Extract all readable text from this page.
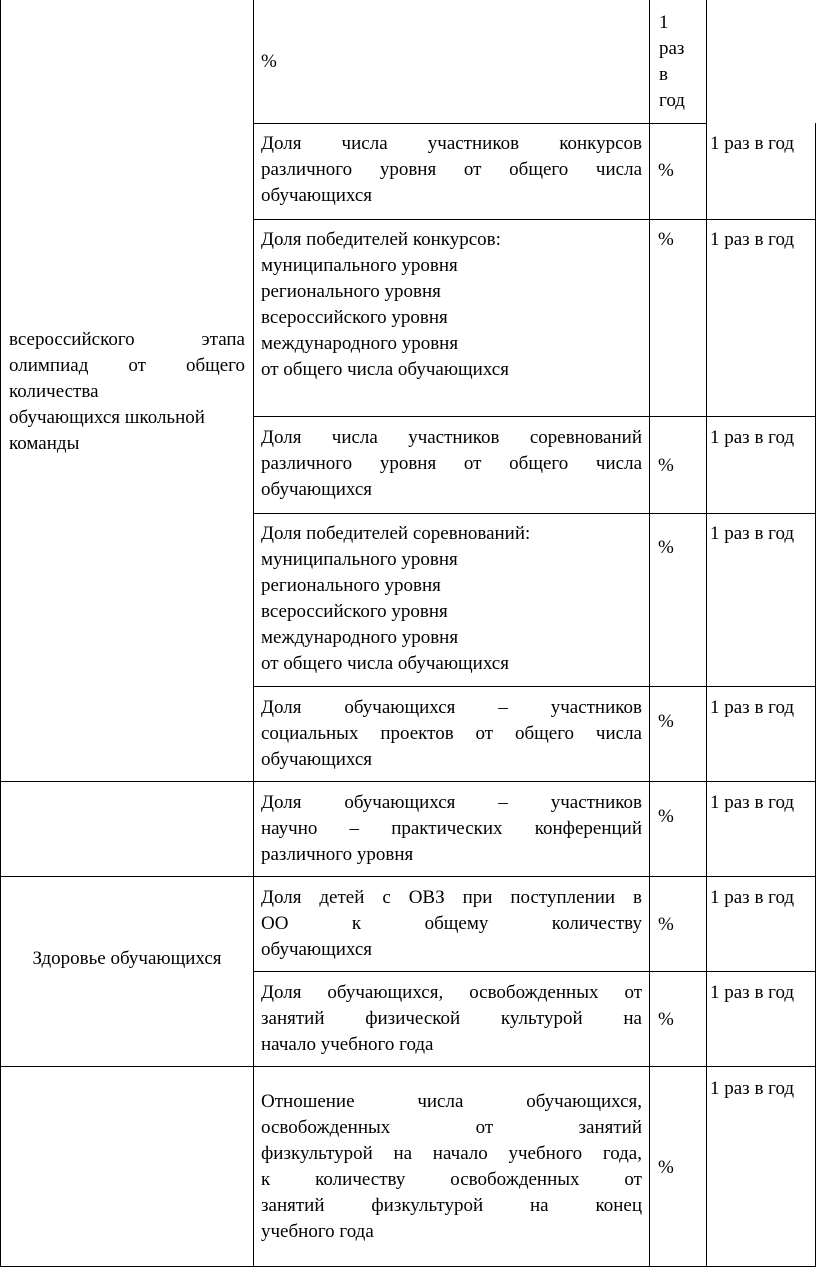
всероссийского этапа
олимпиад от общего
количества
обучающихся школьной
команды
Здоровье обучающихся
%
1
раз
в
год
Доля числа участников конкурсов
различного уровня от общего числа
обучающихся
%
1 раз в год
Доля победителей конкурсов:
муниципального уровня
регионального уровня
всероссийского уровня
международного уровня
от общего числа обучающихся
% 1 раз в год
Доля числа участников соревнований
различного уровня от общего числа
обучающихся
%
1 раз в год
Доля победителей соревнований:
муниципального уровня
регионального уровня
всероссийского уровня
международного уровня
от общего числа обучающихся
%
1 раз в год
Доля обучающихся – участников
социальных проектов от общего числа
обучающихся
%
1 раз в год
Доля обучающихся – участников
научно – практических конференций
различного уровня
%
1 раз в год
Доля детей с ОВЗ при поступлении в
ОО к общему количеству
обучающихся
%
1 раз в год
Доля обучающихся, освобожденных от
занятий физической культурой на
начало учебного года
%
1 раз в год
Отношение числа обучающихся,
освобожденных от занятий
физкультурой на начало учебного года,
к количеству освобожденных от
занятий физкультурой на конец
учебного года
%
1 раз в год
